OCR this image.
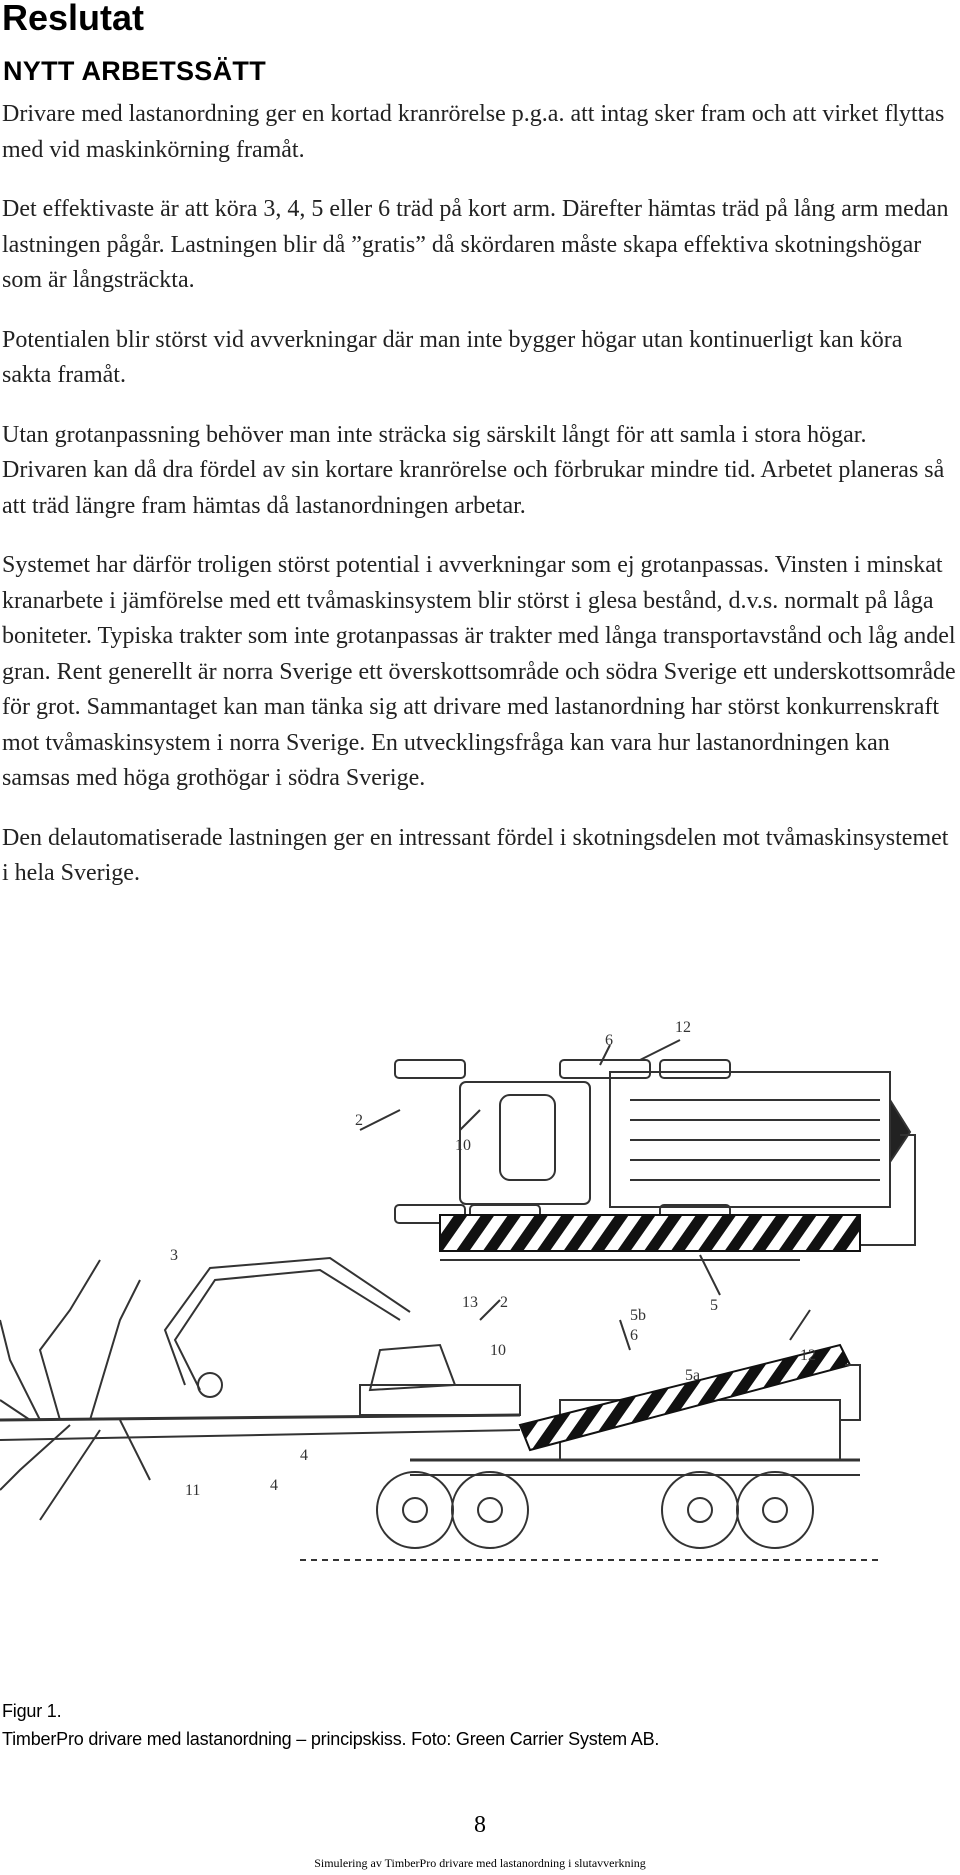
Reslutat
NYTT ARBETSSÄTT

Drivare med lastanordning ger en kortad kranrörelse p.g.a. att intag sker fram och att virket flyttas med vid maskinkörning framåt.

Det effektivaste är att köra 3, 4, 5 eller 6 träd på kort arm. Därefter hämtas träd på lång arm medan lastningen pågår. Lastningen blir då ”gratis” då skördaren måste skapa effektiva skotningshögar som är långsträckta.

Potentialen blir störst vid avverkningar där man inte bygger högar utan kontinuerligt kan köra sakta framåt.

Utan grotanpassning behöver man inte sträcka sig särskilt långt för att samla i stora högar. Drivaren kan då dra fördel av sin kortare kranrörelse och förbrukar mindre tid. Arbetet planeras så att träd längre fram hämtas då lastanordningen arbetar.

Systemet har därför troligen störst potential i avverkningar som ej grotanpassas. Vinsten i minskat kranarbete i jämförelse med ett tvåmaskinsystem blir störst i glesa bestånd, d.v.s. normalt på låga boniteter. Typiska trakter som inte grotanpassas är trakter med långa transportavstånd och låg andel gran. Rent generellt är norra Sverige ett överskottsområde och södra Sverige ett underskottsområde för grot. Sammantaget kan man tänka sig att drivare med lastanordning har störst konkurrenskraft mot tvåmaskinsystem i norra Sverige. En utvecklingsfråga kan vara hur lastanordningen kan samsas med höga grothögar i södra Sverige.

Den delautomatiserade lastningen ger en intressant fördel i skotningsdelen mot tvåmaskinsystemet i hela Sverige.

12
6
2
10
5
3
13 2
5b
6
10	12
5a
4
11	4
Figur 1.
TimberPro drivare med lastanordning – principskiss. Foto: Green Carrier System AB.
8
Simulering av TimberPro drivare med lastanordning i slutavverkning
